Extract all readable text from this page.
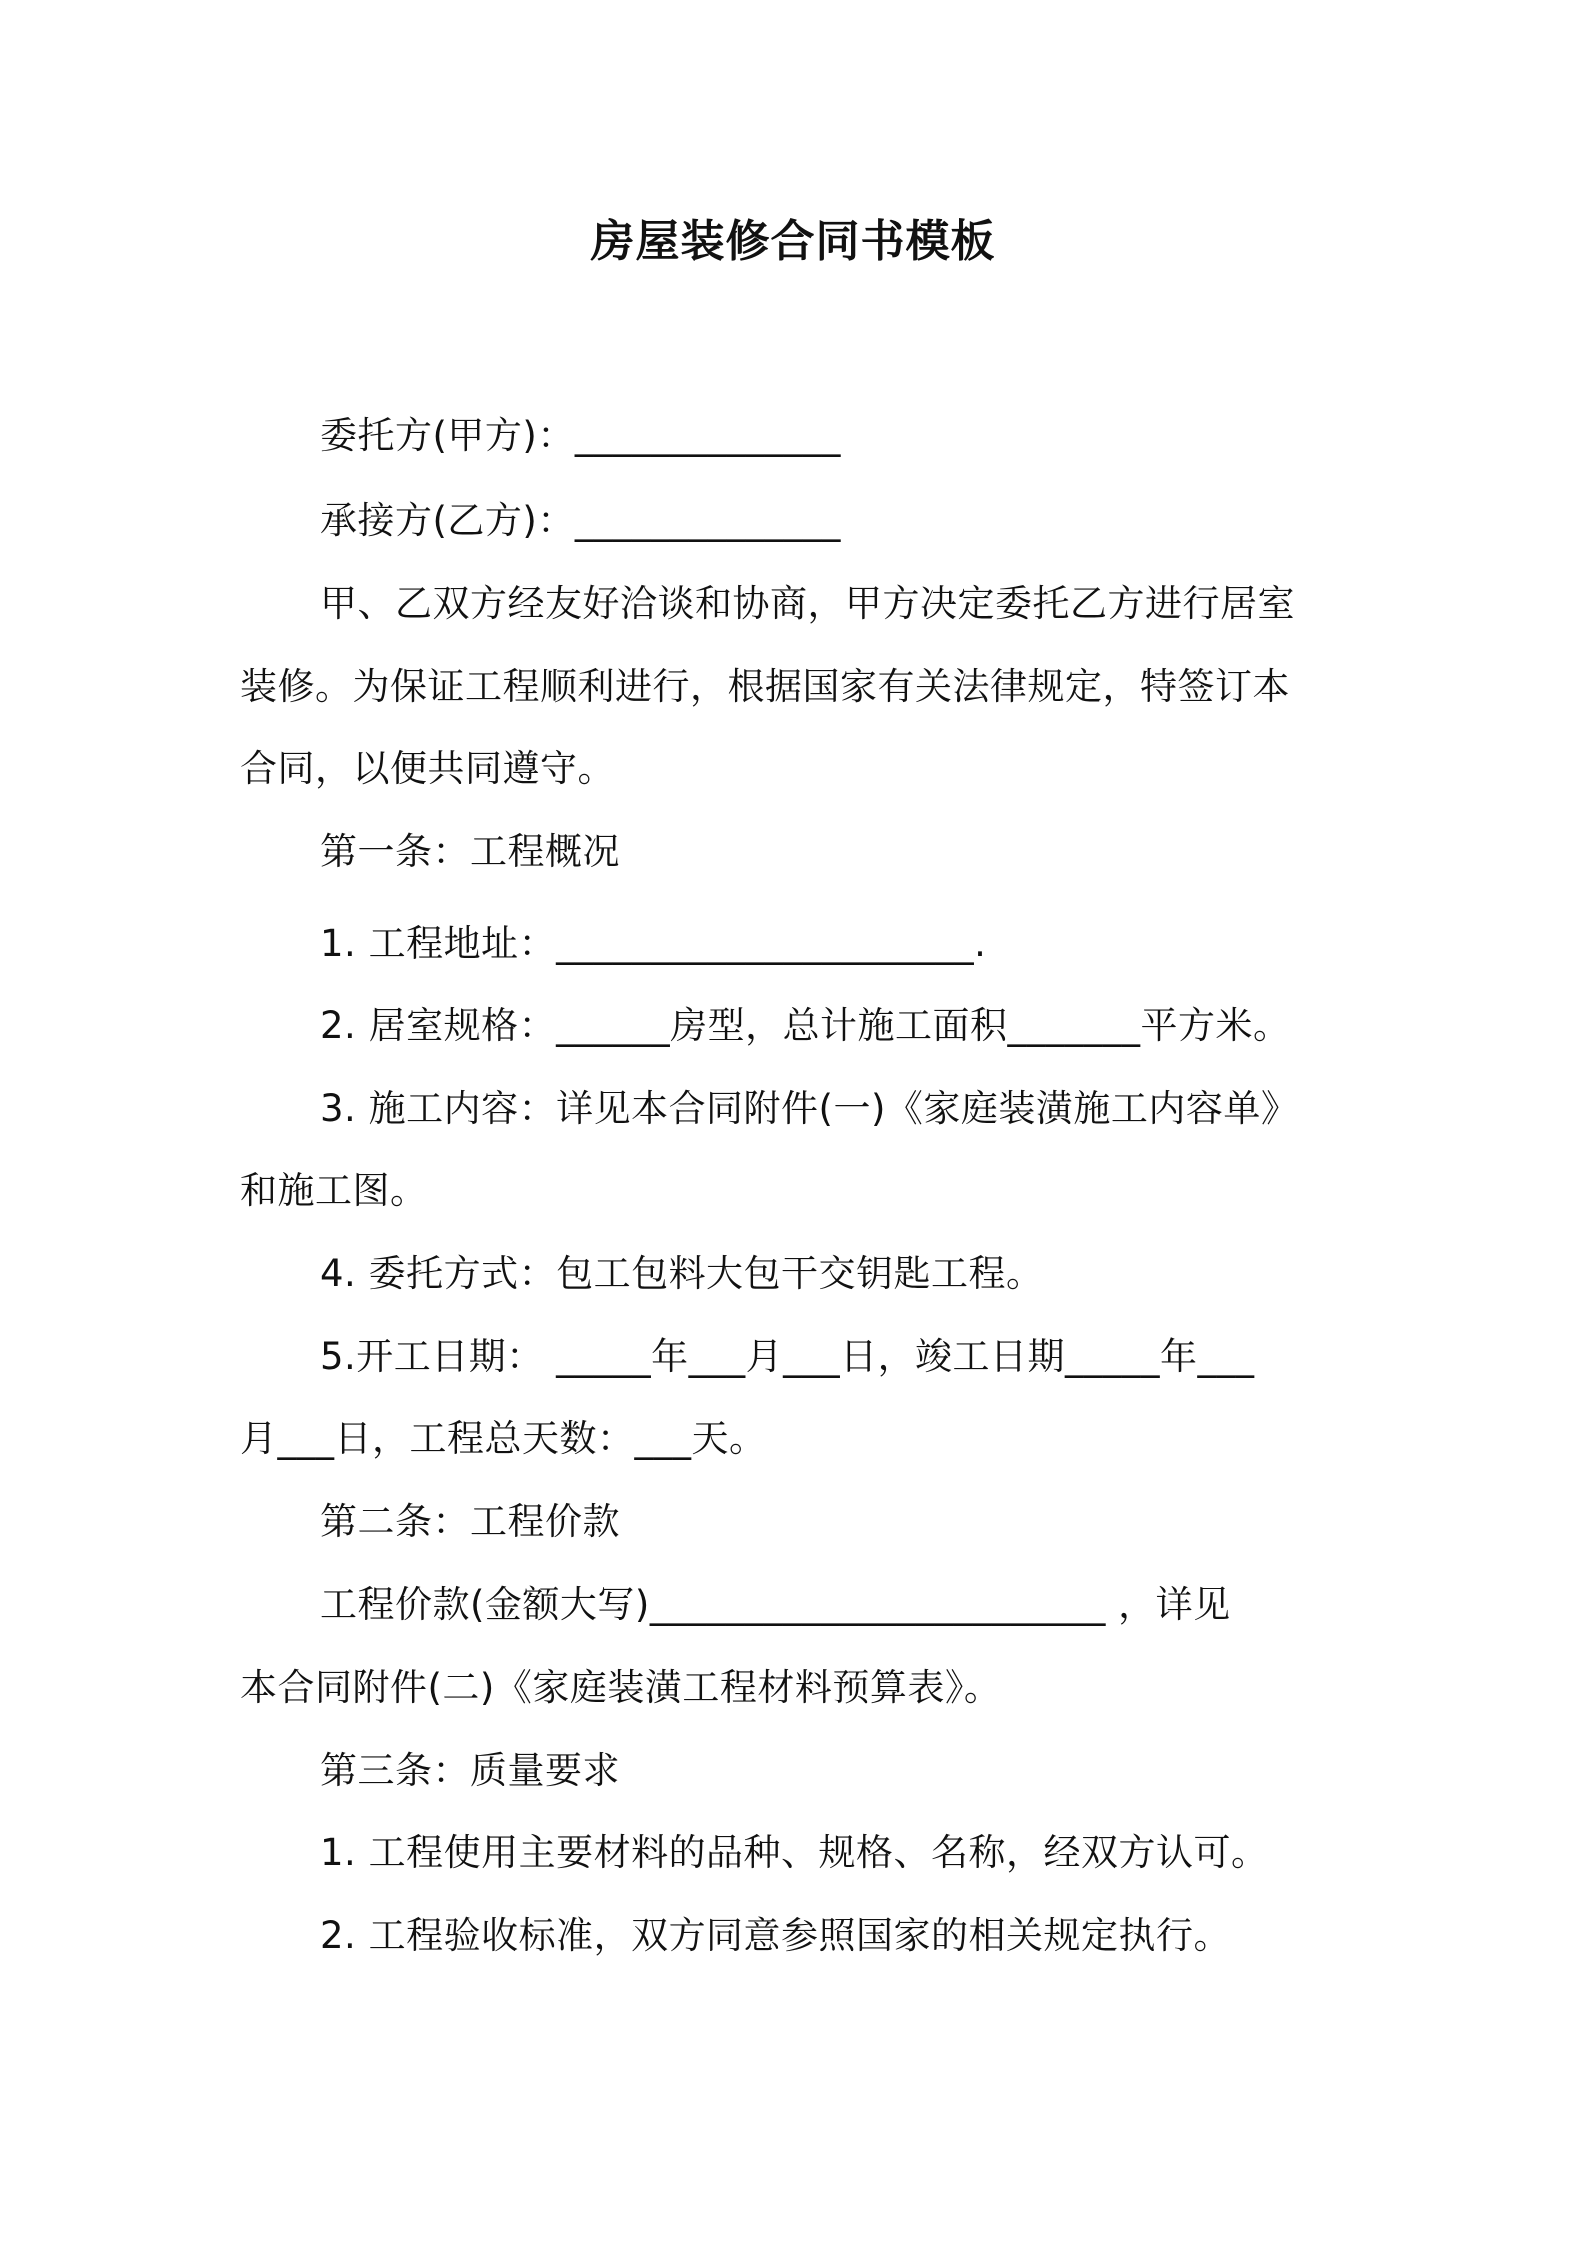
房屋装修合同书模板
委托方(甲方)：______________
承接方(乙方)：______________
甲、乙双方经友好洽谈和协商，甲方决定委托乙方进行居室
装修。为保证工程顺利进行，根据国家有关法律规定，特签订本
合同，以便共同遵守。
第一条：工程概况
1. 工程地址：______________________.
2. 居室规格：______房型，总计施工面积_______平方米。
3. 施工内容：详见本合同附件(一)《家庭装潢施工内容单》
和施工图。
4. 委托方式：包工包料大包干交钥匙工程。
5.开工日期： _____年___月___日，竣工日期_____年___
月___日，工程总天数：___天。
第二条：工程价款
工程价款(金额大写)________________________ ，详见
本合同附件(二)《家庭装潢工程材料预算表》。
第三条：质量要求
1. 工程使用主要材料的品种、规格、名称，经双方认可。
2. 工程验收标准，双方同意参照国家的相关规定执行。
